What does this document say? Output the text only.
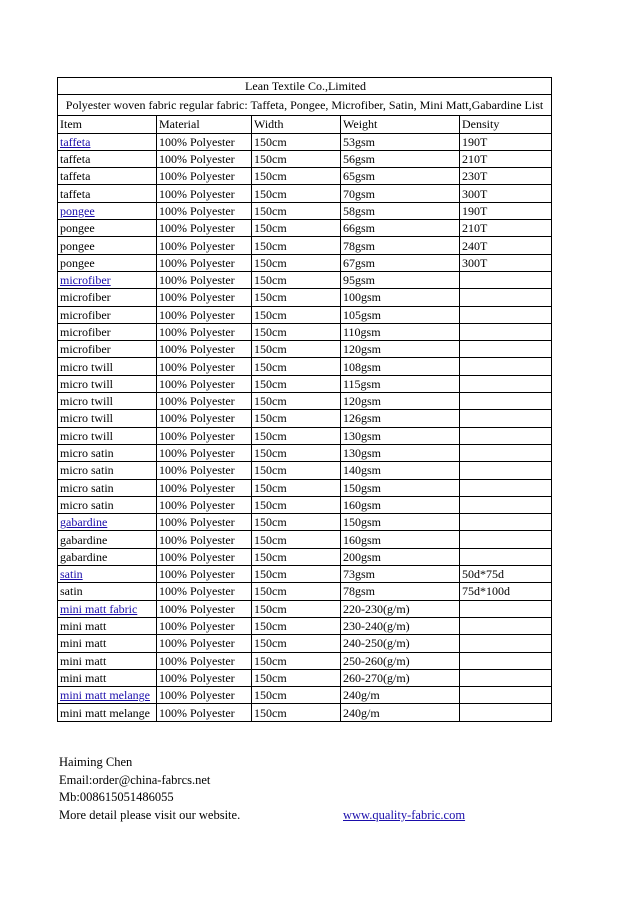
Lean Textile Co.,Limited				
Polyester woven fabric regular fabric: Taffeta, Pongee, Microfiber, Satin, Mini Matt,Gabardine List				
Item	Material	Width	Weight	Density
taffeta	100% Polyester	150cm	53gsm	190T
taffeta	100% Polyester	150cm	56gsm	210T
taffeta	100% Polyester	150cm	65gsm	230T
taffeta	100% Polyester	150cm	70gsm	300T
pongee	100% Polyester	150cm	58gsm	190T
pongee	100% Polyester	150cm	66gsm	210T
pongee	100% Polyester	150cm	78gsm	240T
pongee	100% Polyester	150cm	67gsm	300T
microfiber	100% Polyester	150cm	95gsm	
microfiber	100% Polyester	150cm	100gsm	
microfiber	100% Polyester	150cm	105gsm	
microfiber	100% Polyester	150cm	110gsm	
microfiber	100% Polyester	150cm	120gsm	
micro twill	100% Polyester	150cm	108gsm	
micro twill	100% Polyester	150cm	115gsm	
micro twill	100% Polyester	150cm	120gsm	
micro twill	100% Polyester	150cm	126gsm	
micro twill	100% Polyester	150cm	130gsm	
micro satin	100% Polyester	150cm	130gsm	
micro satin	100% Polyester	150cm	140gsm	
micro satin	100% Polyester	150cm	150gsm	
micro satin	100% Polyester	150cm	160gsm	
gabardine	100% Polyester	150cm	150gsm	
gabardine	100% Polyester	150cm	160gsm	
gabardine	100% Polyester	150cm	200gsm	
satin	100% Polyester	150cm	73gsm	50d*75d
satin	100% Polyester	150cm	78gsm	75d*100d
mini matt fabric	100% Polyester	150cm	220-230(g/m)	
mini matt	100% Polyester	150cm	230-240(g/m)	
mini matt	100% Polyester	150cm	240-250(g/m)	
mini matt	100% Polyester	150cm	250-260(g/m)	
mini matt	100% Polyester	150cm	260-270(g/m)	
mini matt melange	100% Polyester	150cm	240g/m	
mini matt melange	100% Polyester	150cm	240g/m	
Haiming Chen
Email:order@china-fabrcs.net
Mb:008615051486055
More detail please visit our website.	www.quality-fabric.com
